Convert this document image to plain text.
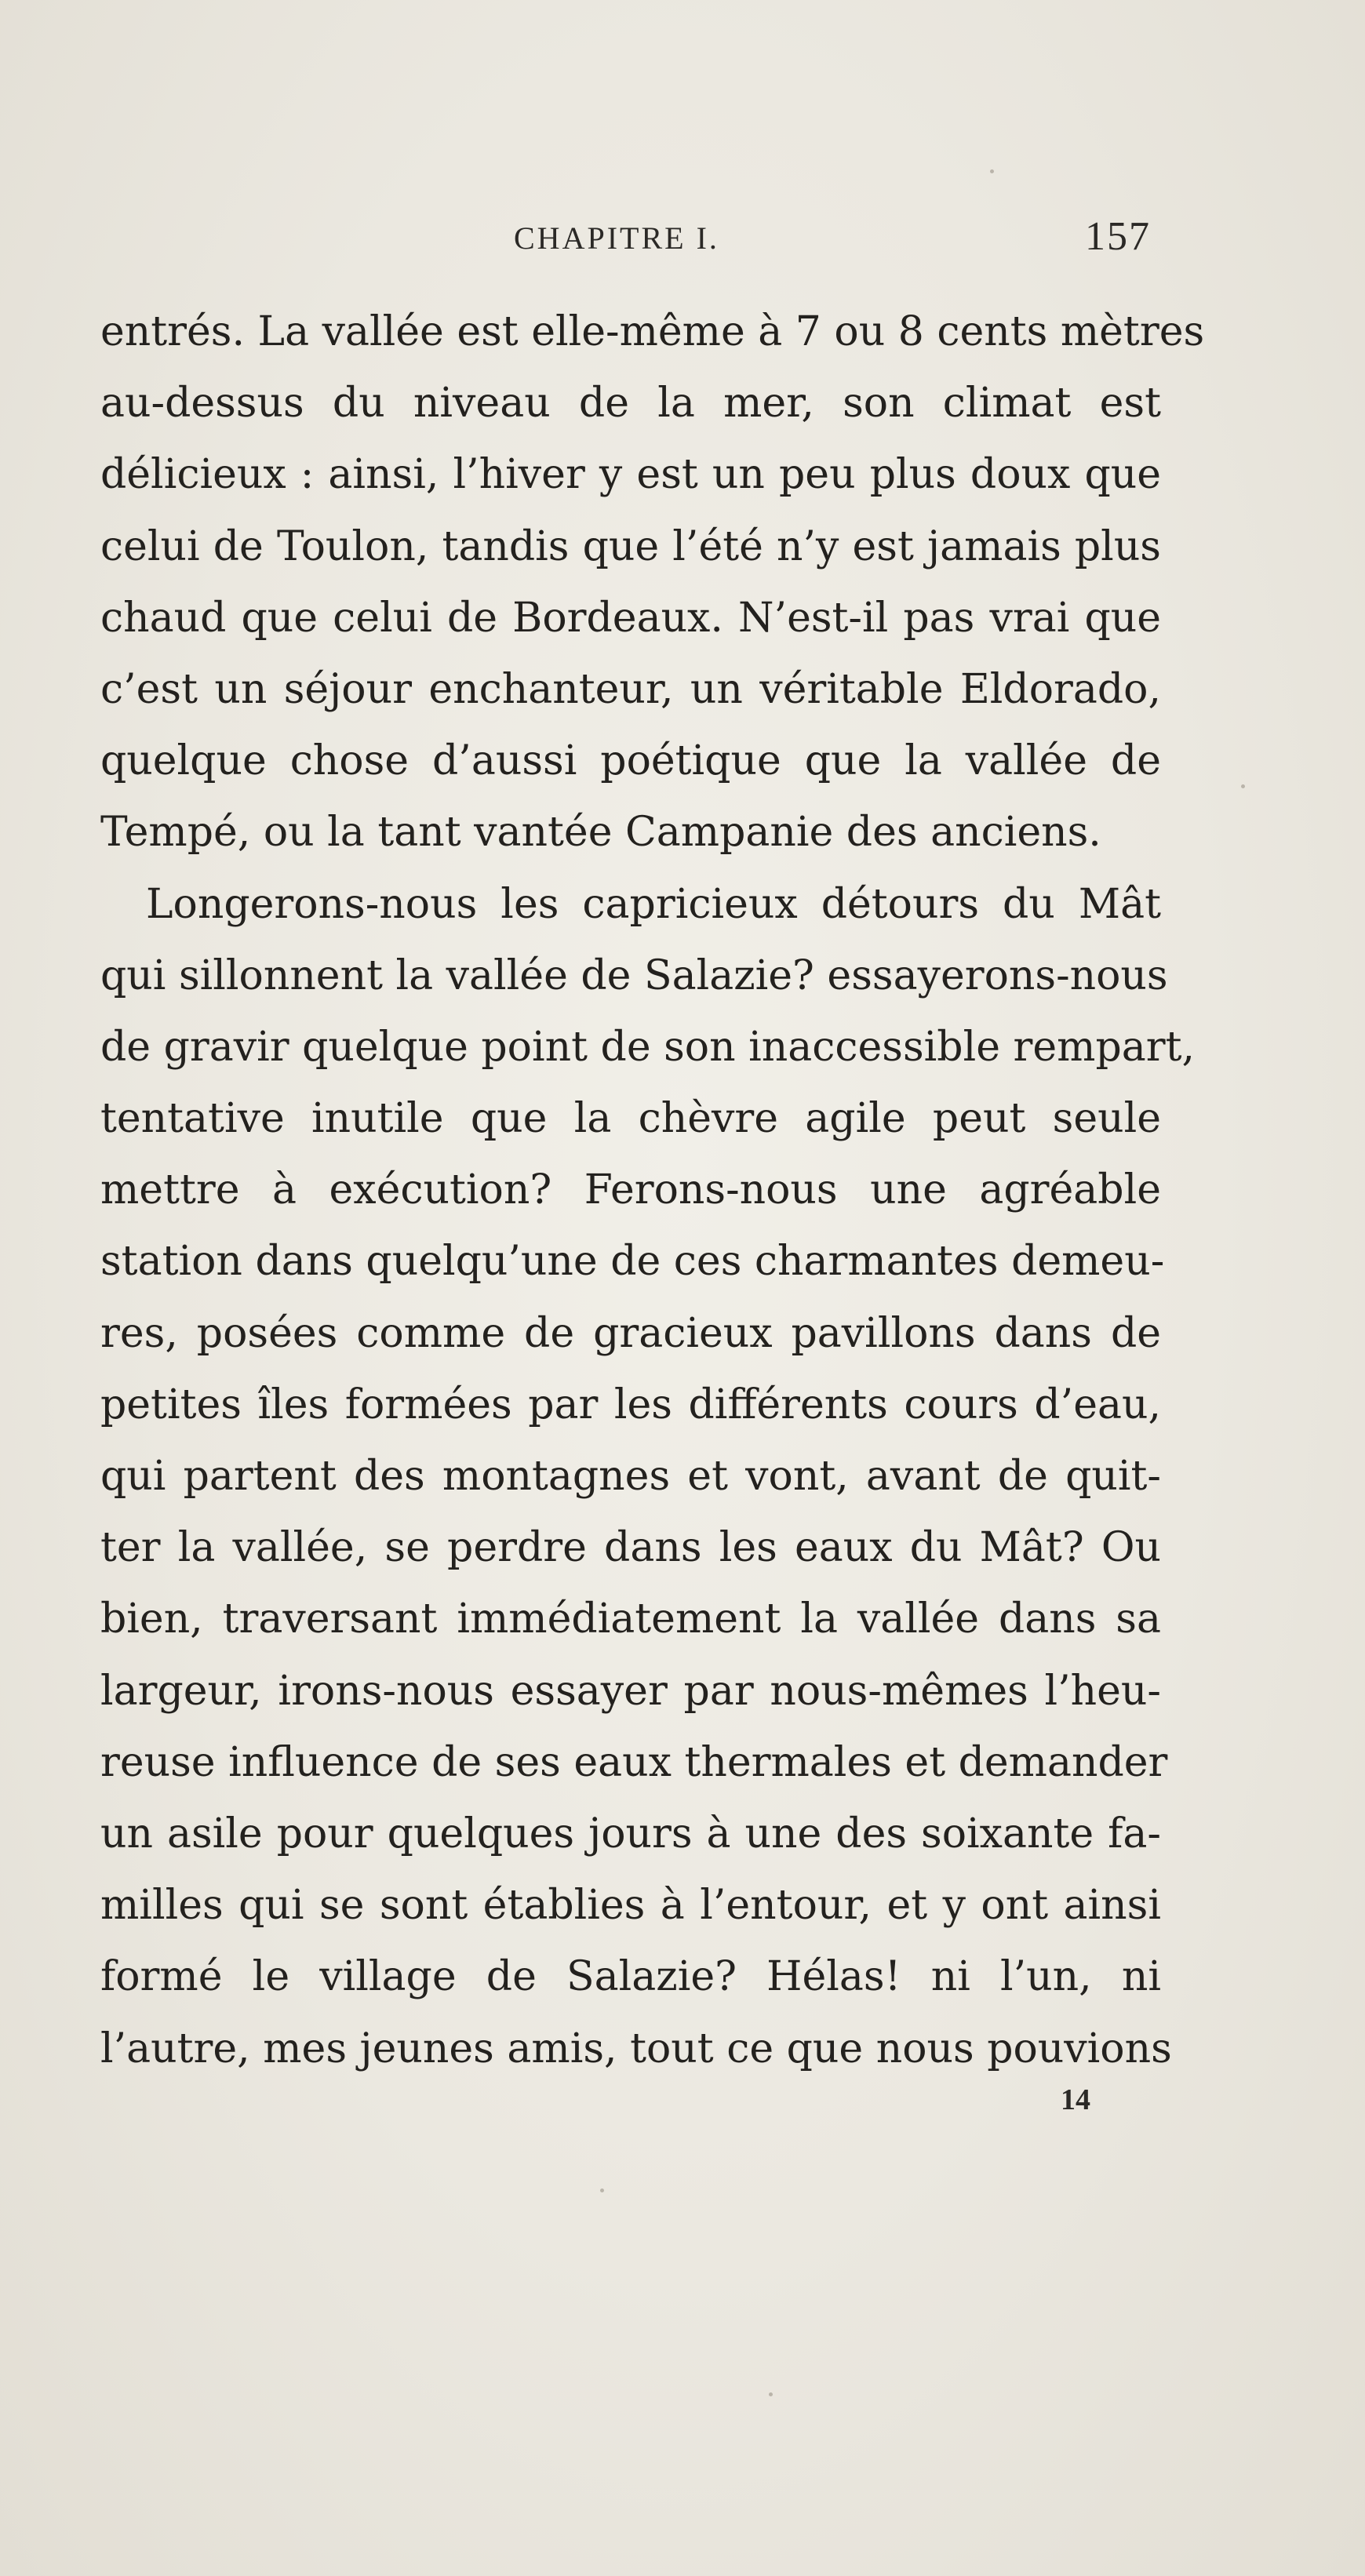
CHAPITRE I.	157
entrés. La vallée est elle-même à 7 ou 8 cents mètres
au-dessus du niveau de la mer, son climat est
délicieux : ainsi, l’hiver y est un peu plus doux que
celui de Toulon, tandis que l’été n’y est jamais plus
chaud que celui de Bordeaux. N’est-il pas vrai que
c’est un séjour enchanteur, un véritable Eldorado,
quelque chose d’aussi poétique que la vallée de
Tempé, ou la tant vantée Campanie des anciens.
Longerons-nous les capricieux détours du Mât
qui sillonnent la vallée de Salazie? essayerons-nous
de gravir quelque point de son inaccessible rempart,
tentative inutile que la chèvre agile peut seule
mettre à exécution? Ferons-nous une agréable
station dans quelqu’une de ces charmantes demeu-
res, posées comme de gracieux pavillons dans de
petites îles formées par les différents cours d’eau,
qui partent des montagnes et vont, avant de quit-
ter la vallée, se perdre dans les eaux du Mât? Ou
bien, traversant immédiatement la vallée dans sa
largeur, irons-nous essayer par nous-mêmes l’heu-
reuse influence de ses eaux thermales et demander
un asile pour quelques jours à une des soixante fa-
milles qui se sont établies à l’entour, et y ont ainsi
formé le village de Salazie? Hélas! ni l’un, ni
l’autre, mes jeunes amis, tout ce que nous pouvions
14
